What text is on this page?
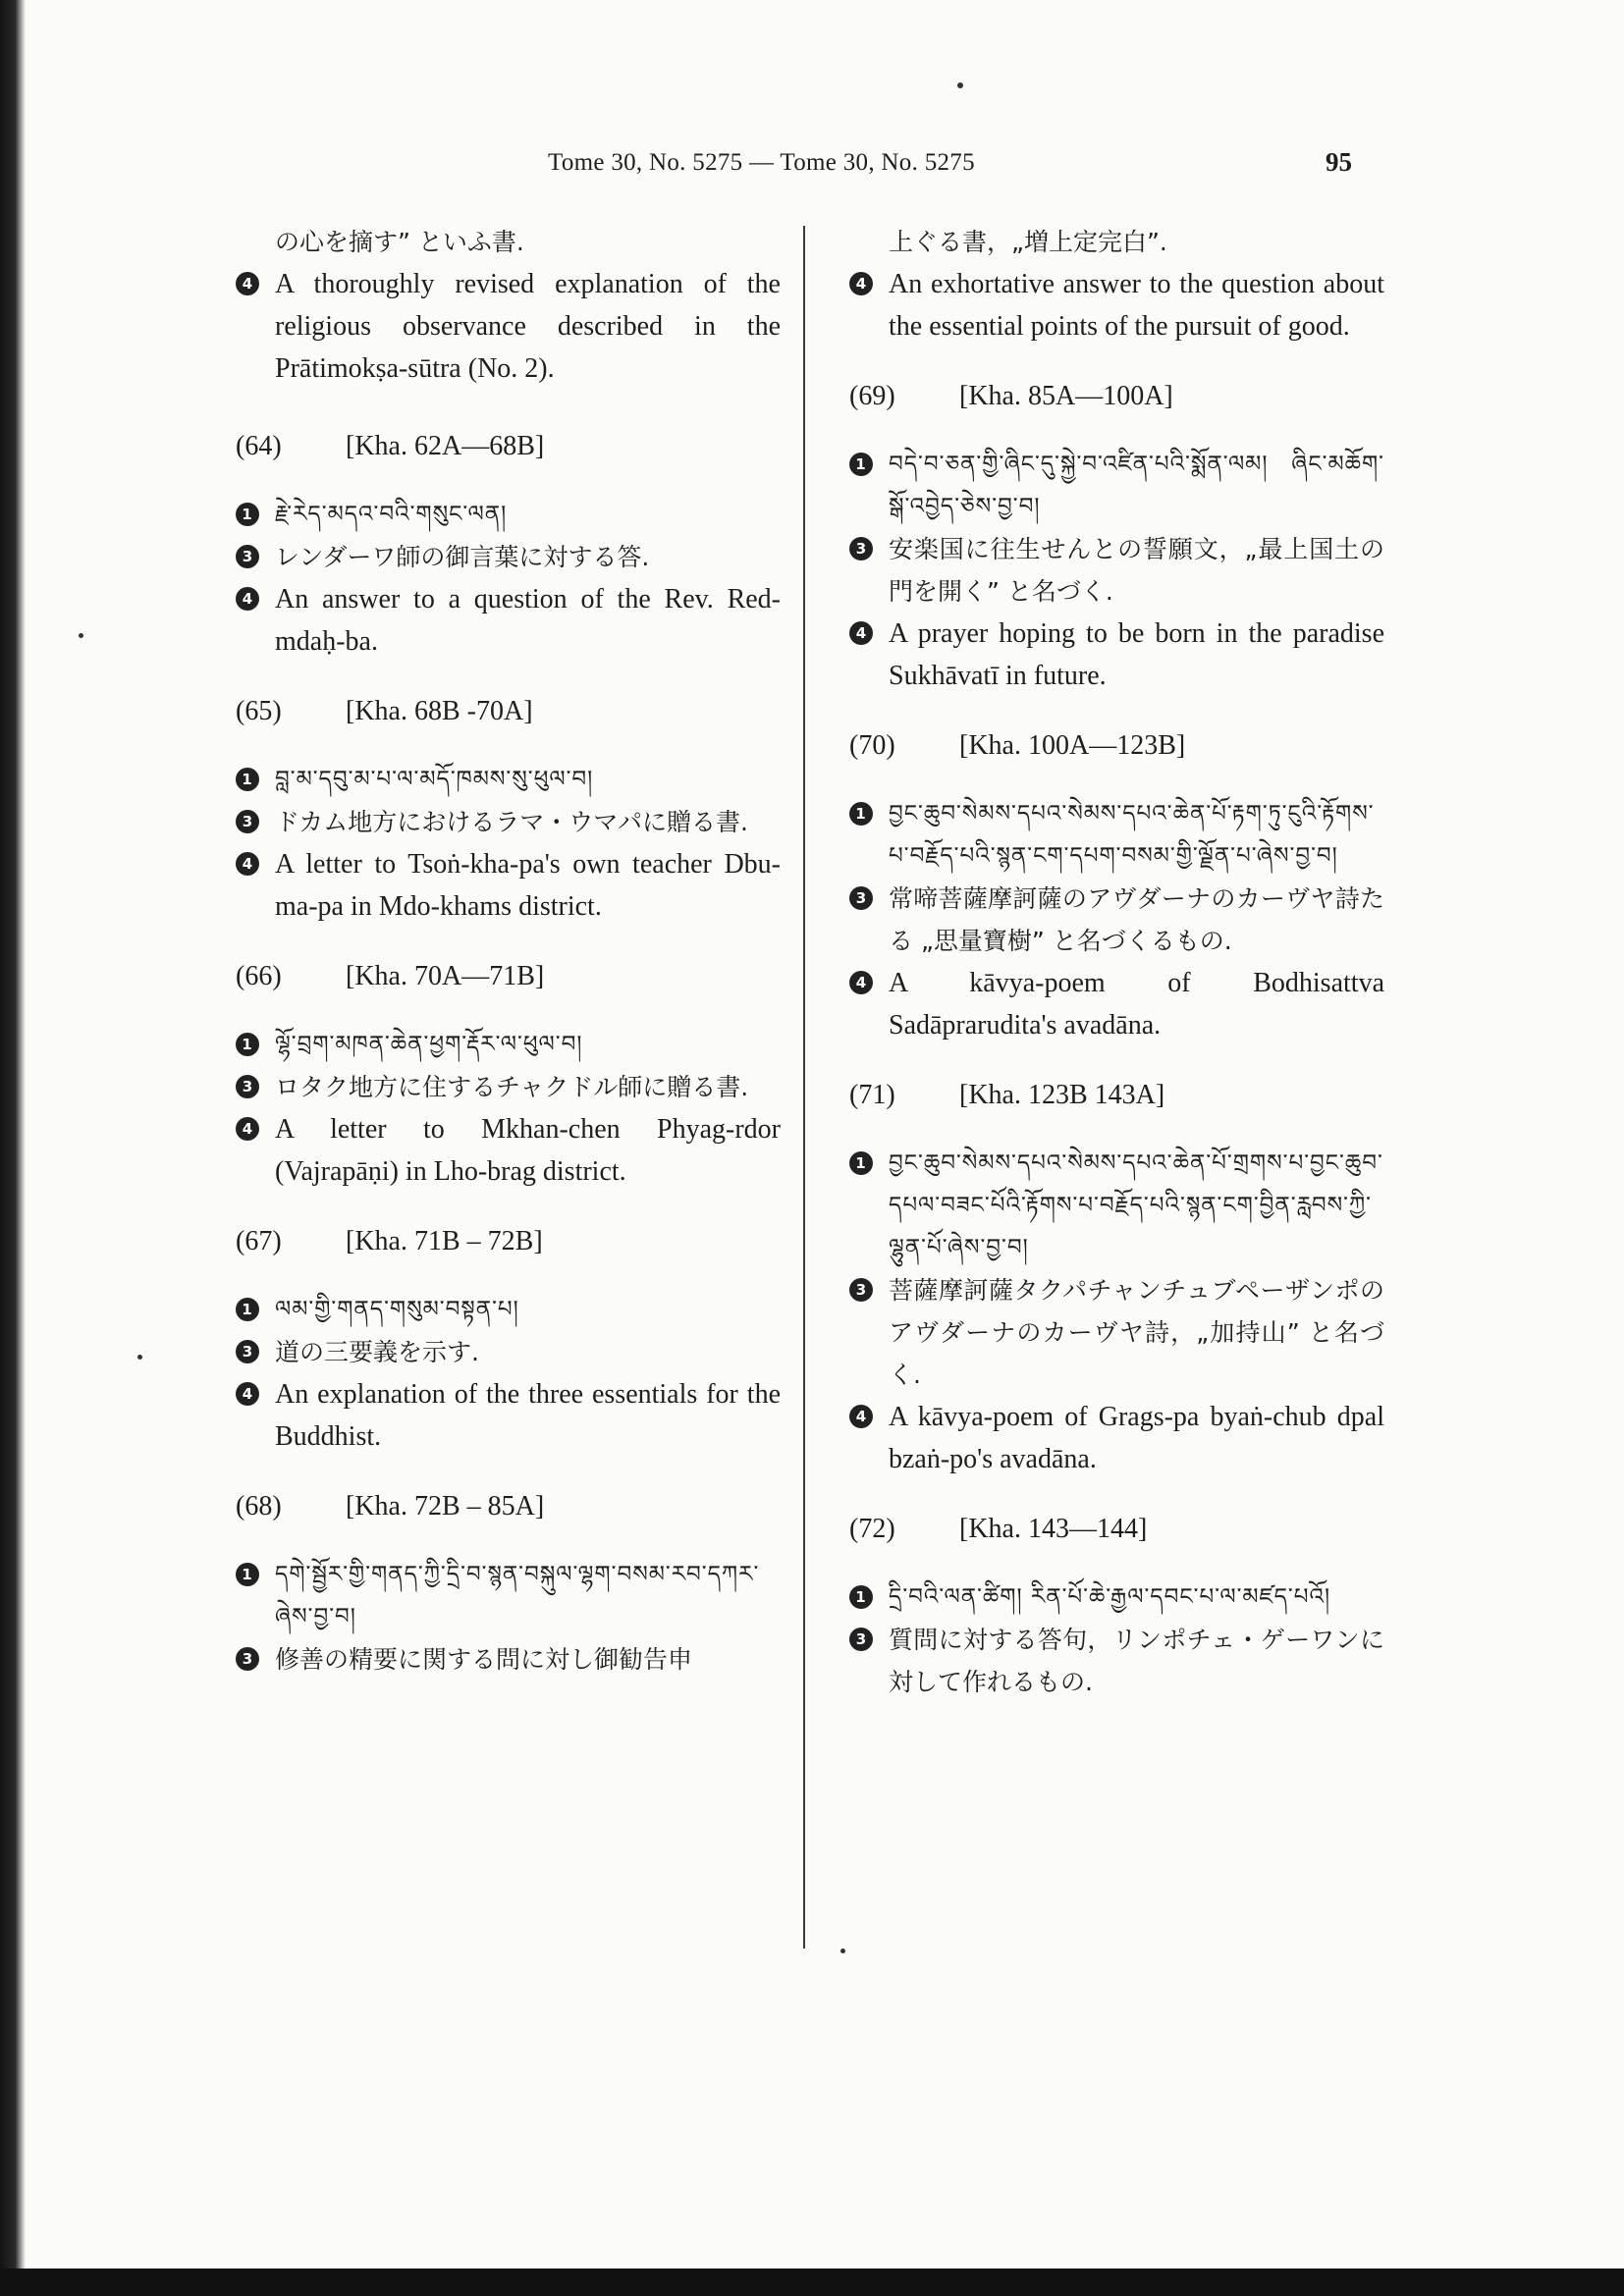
Tome 30, No. 5275 — Tome 30, No. 5275	95
の心を摘す” といふ書.
4 A thoroughly revised explanation of the religious observance described in the Prātimokṣa-sūtra (No. 2).
(64) [Kha. 62A—68B]
1 རྗེ་རེད་མདའ་བའི་གསུང་ལན།
3 レンダーワ師の御言葉に対する答.
4 An answer to a question of the Rev. Red-mdaḥ-ba.
(65) [Kha. 68B -70A]
1 བླ་མ་དབུ་མ་པ་ལ་མདོ་ཁམས་སུ་ཕུལ་བ།
3 ドカム地方におけるラマ・ウマパに贈る書.
4 A letter to Tsoṅ-kha-pa's own teacher Dbu-ma-pa in Mdo-khams district.
(66) [Kha. 70A—71B]
1 ལྷོ་བྲག་མཁན་ཆེན་ཕྱག་རྡོར་ལ་ཕུལ་བ།
3 ロタク地方に住するチャクドル師に贈る書.
4 A letter to Mkhan-chen Phyag-rdor (Vajrapāṇi) in Lho-brag district.
(67) [Kha. 71B – 72B]
1 ལམ་གྱི་གནད་གསུམ་བསྟན་པ།
3 道の三要義を示す.
4 An explanation of the three essentials for the Buddhist.
(68) [Kha. 72B – 85A]
1 དགེ་སྦྱོར་གྱི་གནད་ཀྱི་དྲི་བ་སྙན་བསྐུལ་ལྷག་བསམ་རབ་དཀར་ཞེས་བྱ་བ།
3 修善の精要に関する問に対し御勧告申
上ぐる書，„増上定完白”.
4 An exhortative answer to the question about the essential points of the pursuit of good.
(69) [Kha. 85A—100A]
1 བདེ་བ་ཅན་གྱི་ཞིང་དུ་སྐྱེ་བ་འཛིན་པའི་སྨོན་ལམ། ཞིང་མཆོག་སྒོ་འབྱེད་ཅེས་བྱ་བ།
3 安楽国に往生せんとの誓願文，„最上国土の門を開く” と名づく.
4 A prayer hoping to be born in the paradise Sukhāvatī in future.
(70) [Kha. 100A—123B]
1 བྱང་ཆུབ་སེམས་དཔའ་སེམས་དཔའ་ཆེན་པོ་རྟག་ཏུ་ངུའི་རྟོགས་པ་བརྗོད་པའི་སྙན་ངག་དཔག་བསམ་གྱི་ལྗོན་པ་ཞེས་བྱ་བ།
3 常啼菩薩摩訶薩のアヴダーナのカーヴヤ詩たる „思量寶樹” と名づくるもの.
4 A kāvya-poem of Bodhisattva Sadāprarudita's avadāna.
(71) [Kha. 123B 143A]
1 བྱང་ཆུབ་སེམས་དཔའ་སེམས་དཔའ་ཆེན་པོ་གྲགས་པ་བྱང་ཆུབ་དཔལ་བཟང་པོའི་རྟོགས་པ་བརྗོད་པའི་སྙན་ངག་བྱིན་རླབས་ཀྱི་ལྷུན་པོ་ཞེས་བྱ་བ།
3 菩薩摩訶薩タクパチャンチュブペーザンポのアヴダーナのカーヴヤ詩，„加持山” と名づく.
4 A kāvya-poem of Grags-pa byaṅ-chub dpal bzaṅ-po's avadāna.
(72) [Kha. 143—144]
1 དྲི་བའི་ལན་ཚིག། རིན་པོ་ཆེ་རྒྱལ་དབང་པ་ལ་མཛད་པའོ།
3 質問に対する答句，リンポチェ・ゲーワンに対して作れるもの.
